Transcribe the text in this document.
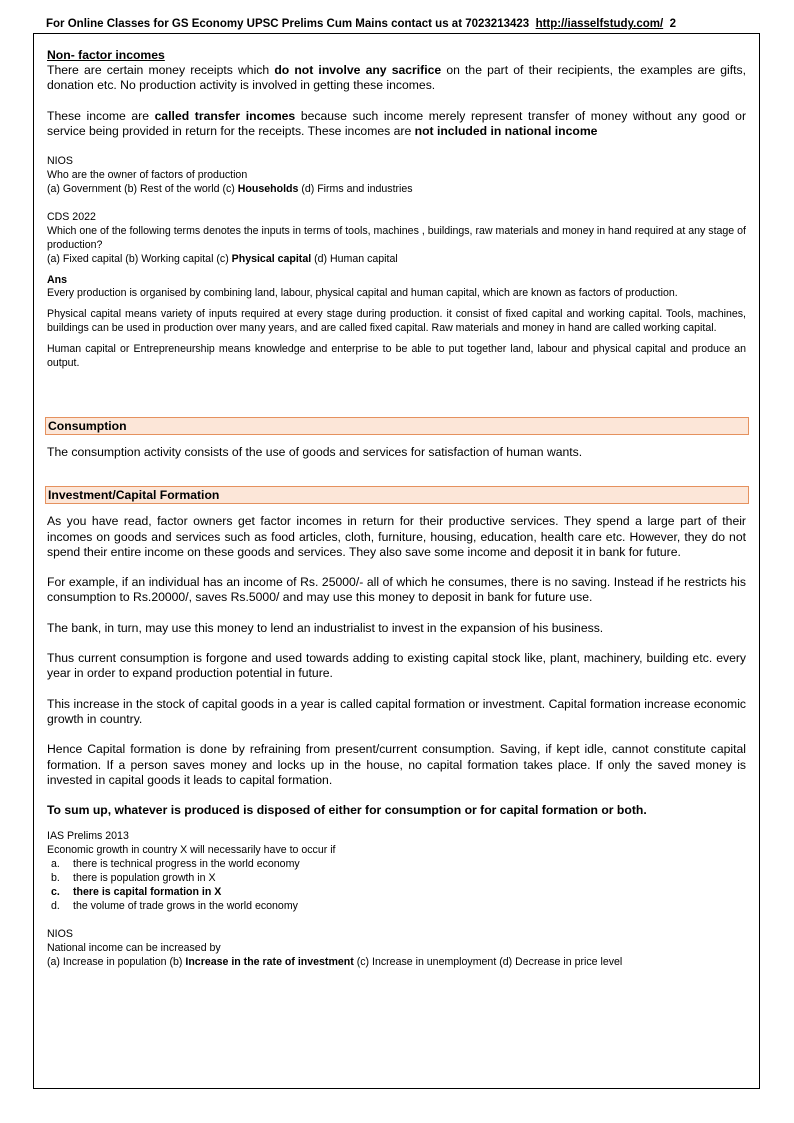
For Online Classes for GS Economy UPSC Prelims Cum Mains contact us at 7023213423 http://iasselfstudy.com/ 2
Non- factor incomes

There are certain money receipts which do not involve any sacrifice on the part of their recipients, the examples are gifts, donation etc. No production activity is involved in getting these incomes.

These income are called transfer incomes because such income merely represent transfer of money without any good or service being provided in return for the receipts. These incomes are not included in national income

NIOS

Who are the owner of factors of production

(a) Government (b) Rest of the world (c) Households (d) Firms and industries

CDS 2022

Which one of the following terms denotes the inputs in terms of tools, machines , buildings, raw materials and money in hand required at any stage of production?

(a) Fixed capital (b) Working capital (c) Physical capital (d) Human capital

Ans

Every production is organised by combining land, labour, physical capital and human capital, which are known as factors of production.

Physical capital means variety of inputs required at every stage during production. it consist of fixed capital and working capital. Tools, machines, buildings can be used in production over many years, and are called fixed capital. Raw materials and money in hand are called working capital.

Human capital or Entrepreneurship means knowledge and enterprise to be able to put together land, labour and physical capital and produce an output.

Consumption

The consumption activity consists of the use of goods and services for satisfaction of human wants.

Investment/Capital Formation

As you have read, factor owners get factor incomes in return for their productive services. They spend a large part of their incomes on goods and services such as food articles, cloth, furniture, housing, education, health care etc. However, they do not spend their entire income on these goods and services. They also save some income and deposit it in bank for future.

For example, if an individual has an income of Rs. 25000/- all of which he consumes, there is no saving. Instead if he restricts his consumption to Rs.20000/, saves Rs.5000/ and may use this money to deposit in bank for future use.

The bank, in turn, may use this money to lend an industrialist to invest in the expansion of his business.

Thus current consumption is forgone and used towards adding to existing capital stock like, plant, machinery, building etc. every year in order to expand production potential in future.

This increase in the stock of capital goods in a year is called capital formation or investment. Capital formation increase economic growth in country.

Hence Capital formation is done by refraining from present/current consumption. Saving, if kept idle, cannot constitute capital formation. If a person saves money and locks up in the house, no capital formation takes place. If only the saved money is invested in capital goods it leads to capital formation.

To sum up, whatever is produced is disposed of either for consumption or for capital formation or both.

IAS Prelims 2013

Economic growth in country X will necessarily have to occur if

a. there is technical progress in the world economy
b. there is population growth in X
c. there is capital formation in X
d. the volume of trade grows in the world economy

NIOS

National income can be increased by

(a) Increase in population (b) Increase in the rate of investment (c) Increase in unemployment (d) Decrease in price level
